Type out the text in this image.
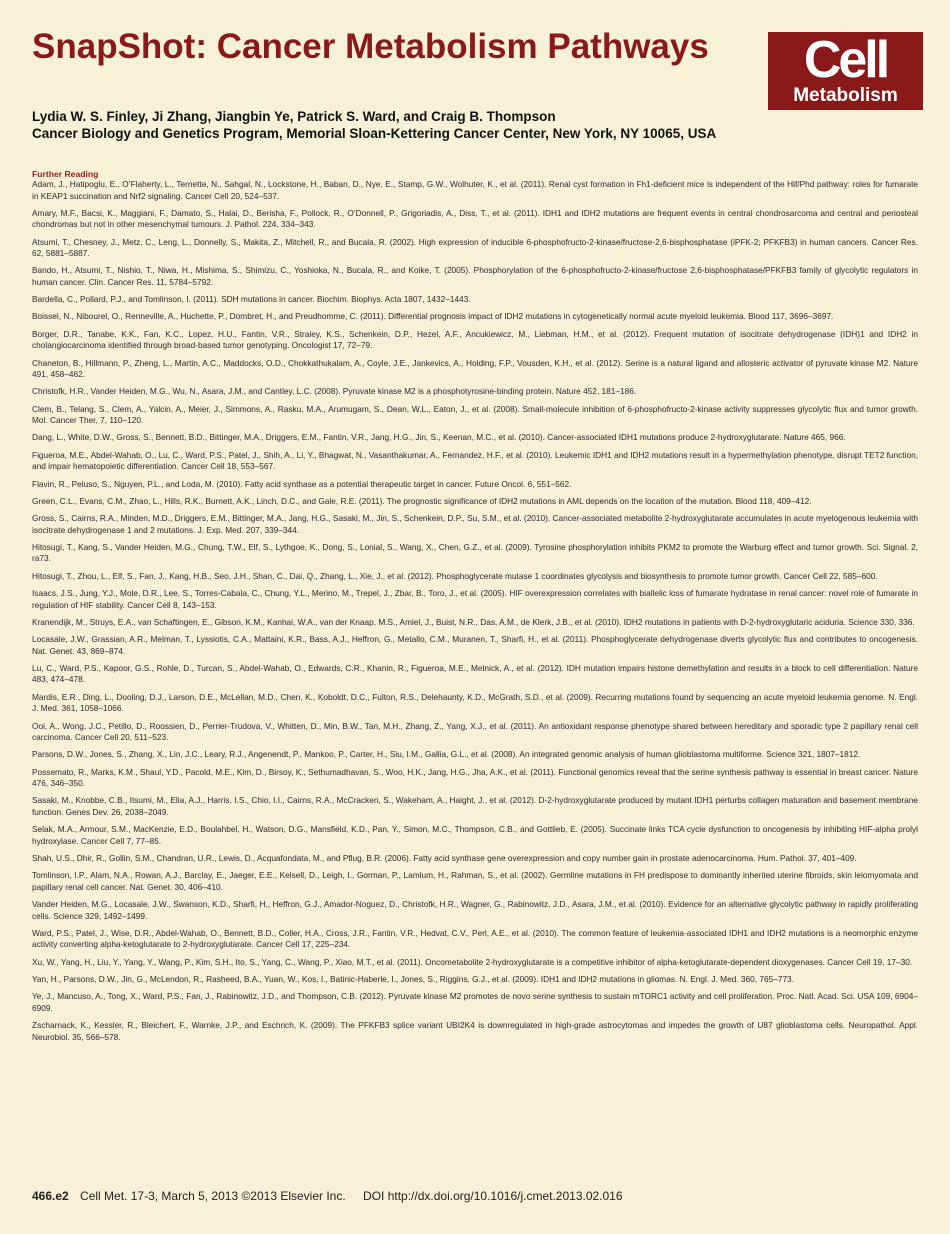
SnapShot: Cancer Metabolism Pathways	Cell
Metabolism
Lydia W. S. Finley, Ji Zhang, Jiangbin Ye, Patrick S. Ward, and Craig B. Thompson
Cancer Biology and Genetics Program, Memorial Sloan-Kettering Cancer Center, New York, NY 10065, USA
Further Reading

Adam, J., Hatipoglu, E., O’Flaherty, L., Ternette, N., Sahgal, N., Lockstone, H., Baban, D., Nye, E., Stamp, G.W., Wolhuter, K., et al. (2011). Renal cyst formation in Fh1-deficient mice is independent of the Hif/Phd pathway: roles for fumarate in KEAP1 succination and Nrf2 signaling. Cancer Cell 20, 524–537.

Amary, M.F., Bacsi, K., Maggiani, F., Damato, S., Halai, D., Berisha, F., Pollock, R., O’Donnell, P., Grigoriadis, A., Diss, T., et al. (2011). IDH1 and IDH2 mutations are frequent events in central chondrosarcoma and central and periosteal chondromas but not in other mesenchymal tumours. J. Pathol. 224, 334–343.

Atsumi, T., Chesney, J., Metz, C., Leng, L., Donnelly, S., Makita, Z., Mitchell, R., and Bucala, R. (2002). High expression of inducible 6-phosphofructo-2-kinase/fructose-2,6-bisphosphatase (iPFK-2; PFKFB3) in human cancers. Cancer Res. 62, 5881–5887.

Bando, H., Atsumi, T., Nishio, T., Niwa, H., Mishima, S., Shimizu, C., Yoshioka, N., Bucala, R., and Koike, T. (2005). Phosphorylation of the 6-phosphofructo-2-kinase/fructose 2,6-bisphosphatase/PFKFB3 family of glycolytic regulators in human cancer. Clin. Cancer Res. 11, 5784–5792.

Bardella, C., Pollard, P.J., and Tomlinson, I. (2011). SDH mutations in cancer. Biochim. Biophys. Acta 1807, 1432–1443.

Boissel, N., Nibourel, O., Renneville, A., Huchette, P., Dombret, H., and Preudhomme, C. (2011). Differential prognosis impact of IDH2 mutations in cytogenetically normal acute myeloid leukemia. Blood 117, 3696–3697.

Borger, D.R., Tanabe, K.K., Fan, K.C., Lopez, H.U., Fantin, V.R., Straley, K.S., Schenkein, D.P., Hezel, A.F., Ancukiewicz, M., Liebman, H.M., et al. (2012). Frequent mutation of isocitrate dehydrogenase (IDH)1 and IDH2 in cholangiocarcinoma identified through broad-based tumor genotyping. Oncologist 17, 72–79.

Chaneton, B., Hillmann, P., Zheng, L., Martin, A.C., Maddocks, O.D., Chokkathukalam, A., Coyle, J.E., Jankevics, A., Holding, F.P., Vousden, K.H., et al. (2012). Serine is a natural ligand and allosteric activator of pyruvate kinase M2. Nature 491, 458–462.

Christofk, H.R., Vander Heiden, M.G., Wu, N., Asara, J.M., and Cantley, L.C. (2008). Pyruvate kinase M2 is a phosphotyrosine-binding protein. Nature 452, 181–186.

Clem, B., Telang, S., Clem, A., Yalcin, A., Meier, J., Simmons, A., Rasku, M.A., Arumugam, S., Dean, W.L., Eaton, J., et al. (2008). Small-molecule inhibition of 6-phosphofructo-2-kinase activity suppresses glycolytic flux and tumor growth. Mol. Cancer Ther. 7, 110–120.

Dang, L., White, D.W., Gross, S., Bennett, B.D., Bittinger, M.A., Driggers, E.M., Fantin, V.R., Jang, H.G., Jin, S., Keenan, M.C., et al. (2010). Cancer-associated IDH1 mutations produce 2-hydroxyglutarate. Nature 465, 966.

Figueroa, M.E., Abdel-Wahab, O., Lu, C., Ward, P.S., Patel, J., Shih, A., Li, Y., Bhagwat, N., Vasanthakumar, A., Fernandez, H.F., et al. (2010). Leukemic IDH1 and IDH2 mutations result in a hypermethylation phenotype, disrupt TET2 function, and impair hematopoietic differentiation. Cancer Cell 18, 553–567.

Flavin, R., Peluso, S., Nguyen, P.L., and Loda, M. (2010). Fatty acid synthase as a potential therapeutic target in cancer. Future Oncol. 6, 551–562.

Green, C.L., Evans, C.M., Zhao, L., Hills, R.K., Burnett, A.K., Linch, D.C., and Gale, R.E. (2011). The prognostic significance of IDH2 mutations in AML depends on the location of the mutation. Blood 118, 409–412.

Gross, S., Cairns, R.A., Minden, M.D., Driggers, E.M., Bittinger, M.A., Jang, H.G., Sasaki, M., Jin, S., Schenkein, D.P., Su, S.M., et al. (2010). Cancer-associated metabolite 2-hydroxyglutarate accumulates in acute myelogenous leukemia with isocitrate dehydrogenase 1 and 2 mutations. J. Exp. Med. 207, 339–344.

Hitosugi, T., Kang, S., Vander Heiden, M.G., Chung, T.W., Elf, S., Lythgoe, K., Dong, S., Lonial, S., Wang, X., Chen, G.Z., et al. (2009). Tyrosine phosphorylation inhibits PKM2 to promote the Warburg effect and tumor growth. Sci. Signal. 2, ra73.

Hitosugi, T., Zhou, L., Elf, S., Fan, J., Kang, H.B., Seo, J.H., Shan, C., Dai, Q., Zhang, L., Xie, J., et al. (2012). Phosphoglycerate mutase 1 coordinates glycolysis and biosynthesis to promote tumor growth. Cancer Cell 22, 585–600.

Isaacs, J.S., Jung, Y.J., Mole, D.R., Lee, S., Torres-Cabala, C., Chung, Y.L., Merino, M., Trepel, J., Zbar, B., Toro, J., et al. (2005). HIF overexpression correlates with biallelic loss of fumarate hydratase in renal cancer: novel role of fumarate in regulation of HIF stability. Cancer Cell 8, 143–153.

Kranendijk, M., Struys, E.A., van Schaftingen, E., Gibson, K.M., Kanhai, W.A., van der Knaap, M.S., Amiel, J., Buist, N.R., Das, A.M., de Klerk, J.B., et al. (2010). IDH2 mutations in patients with D-2-hydroxyglutaric aciduria. Science 330, 336.

Locasale, J.W., Grassian, A.R., Melman, T., Lyssiotis, C.A., Mattaini, K.R., Bass, A.J., Heffron, G., Metallo, C.M., Muranen, T., Sharfi, H., et al. (2011). Phosphoglycerate dehydrogenase diverts glycolytic flux and contributes to oncogenesis. Nat. Genet. 43, 869–874.

Lu, C., Ward, P.S., Kapoor, G.S., Rohle, D., Turcan, S., Abdel-Wahab, O., Edwards, C.R., Khanin, R., Figueroa, M.E., Melnick, A., et al. (2012). IDH mutation impairs histone demethylation and results in a block to cell differentiation. Nature 483, 474–478.

Mardis, E.R., Ding, L., Dooling, D.J., Larson, D.E., McLellan, M.D., Chen, K., Koboldt, D.C., Fulton, R.S., Delehaunty, K.D., McGrath, S.D., et al. (2009). Recurring mutations found by sequencing an acute myeloid leukemia genome. N. Engl. J. Med. 361, 1058–1066.

Ooi, A., Wong, J.C., Petillo, D., Roossien, D., Perrier-Trudova, V., Whitten, D., Min, B.W., Tan, M.H., Zhang, Z., Yang, X.J., et al. (2011). An antioxidant response phenotype shared between hereditary and sporadic type 2 papillary renal cell carcinoma. Cancer Cell 20, 511–523.

Parsons, D.W., Jones, S., Zhang, X., Lin, J.C., Leary, R.J., Angenendt, P., Mankoo, P., Carter, H., Siu, I.M., Gallia, G.L., et al. (2008). An integrated genomic analysis of human glioblastoma multiforme. Science 321, 1807–1812.

Possemato, R., Marks, K.M., Shaul, Y.D., Pacold, M.E., Kim, D., Birsoy, K., Sethumadhavan, S., Woo, H.K., Jang, H.G., Jha, A.K., et al. (2011). Functional genomics reveal that the serine synthesis pathway is essential in breast cancer. Nature 476, 346–350.

Sasaki, M., Knobbe, C.B., Itsumi, M., Elia, A.J., Harris, I.S., Chio, I.I., Cairns, R.A., McCracken, S., Wakeham, A., Haight, J., et al. (2012). D-2-hydroxyglutarate produced by mutant IDH1 perturbs collagen maturation and basement membrane function. Genes Dev. 26, 2038–2049.

Selak, M.A., Armour, S.M., MacKenzie, E.D., Boulahbel, H., Watson, D.G., Mansfield, K.D., Pan, Y., Simon, M.C., Thompson, C.B., and Gottlieb, E. (2005). Succinate links TCA cycle dysfunction to oncogenesis by inhibiting HIF-alpha prolyl hydroxylase. Cancer Cell 7, 77–85.

Shah, U.S., Dhir, R., Gollin, S.M., Chandran, U.R., Lewis, D., Acquafondata, M., and Pflug, B.R. (2006). Fatty acid synthase gene overexpression and copy number gain in prostate adenocarcinoma. Hum. Pathol. 37, 401–409.

Tomlinson, I.P., Alam, N.A., Rowan, A.J., Barclay, E., Jaeger, E.E., Kelsell, D., Leigh, I., Gorman, P., Lamlum, H., Rahman, S., et al. (2002). Germline mutations in FH predispose to dominantly inherited uterine fibroids, skin leiomyomata and papillary renal cell cancer. Nat. Genet. 30, 406–410.

Vander Heiden, M.G., Locasale, J.W., Swanson, K.D., Sharfi, H., Heffron, G.J., Amador-Noguez, D., Christofk, H.R., Wagner, G., Rabinowitz, J.D., Asara, J.M., et al. (2010). Evidence for an alternative glycolytic pathway in rapidly proliferating cells. Science 329, 1492–1499.

Ward, P.S., Patel, J., Wise, D.R., Abdel-Wahab, O., Bennett, B.D., Coller, H.A., Cross, J.R., Fantin, V.R., Hedvat, C.V., Perl, A.E., et al. (2010). The common feature of leukemia-associated IDH1 and IDH2 mutations is a neomorphic enzyme activity converting alpha-ketoglutarate to 2-hydroxyglutarate. Cancer Cell 17, 225–234.

Xu, W., Yang, H., Liu, Y., Yang, Y., Wang, P., Kim, S.H., Ito, S., Yang, C., Wang, P., Xiao, M.T., et al. (2011). Oncometabolite 2-hydroxyglutarate is a competitive inhibitor of alpha-ketoglutarate-dependent dioxygenases. Cancer Cell 19, 17–30.

Yan, H., Parsons, D.W., Jin, G., McLendon, R., Rasheed, B.A., Yuan, W., Kos, I., Batinic-Haberle, I., Jones, S., Riggins, G.J., et al. (2009). IDH1 and IDH2 mutations in gliomas. N. Engl. J. Med. 360, 765–773.

Ye, J., Mancuso, A., Tong, X., Ward, P.S., Fan, J., Rabinowitz, J.D., and Thompson, C.B. (2012). Pyruvate kinase M2 promotes de novo serine synthesis to sustain mTORC1 activity and cell proliferation. Proc. Natl. Acad. Sci. USA 109, 6904–6909.

Zscharnack, K., Kessler, R., Bleichert, F., Warnke, J.P., and Eschrich, K. (2009). The PFKFB3 splice variant UBI2K4 is downregulated in high-grade astrocytomas and impedes the growth of U87 glioblastoma cells. Neuropathol. Appl. Neurobiol. 35, 566–578.

466.e2 Cell Met. 17-3, March 5, 2013 ©2013 Elsevier Inc. DOI http://dx.doi.org/10.1016/j.cmet.2013.02.016
